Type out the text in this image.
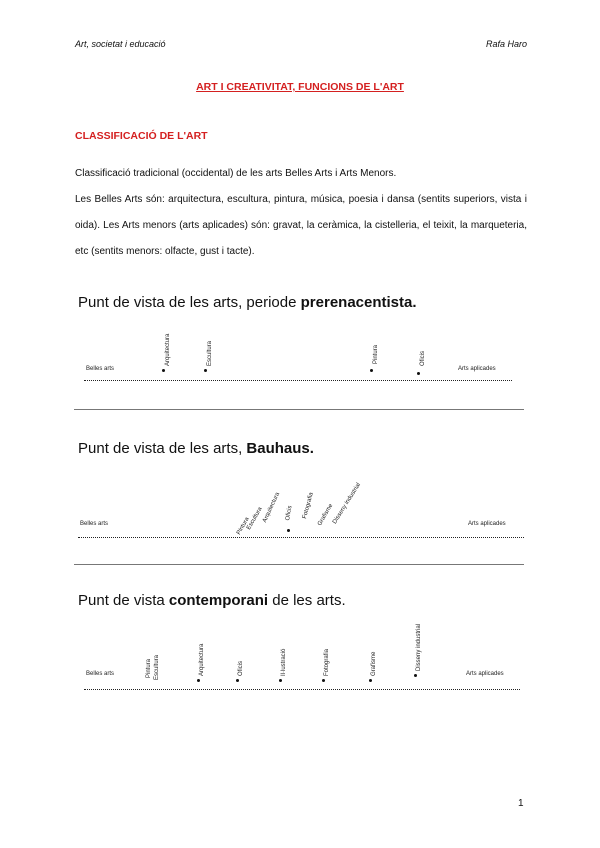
Art, societat i educació	Rafa Haro
ART I CREATIVITAT, FUNCIONS DE L'ART
CLASSIFICACIÓ DE L'ART

Classificació tradicional (occidental) de les arts Belles Arts i Arts Menors.

Les Belles Arts són: arquitectura, escultura, pintura, música, poesia i dansa (sentits superiors, vista i oida). Les Arts menors (arts aplicades) són: gravat, la ceràmica, la cistelleria, el teixit, la marqueteria, etc (sentits menors: olfacte, gust i tacte).

Punt de vista de les arts, periode prerenacentista.
Belles arts	Arts aplicades
Arquitectura	Escultura	Pintura	Oficis
Punt de vista de les arts, Bauhaus.
Belles arts	Arts aplicades
Pintura
Escultura
Arquitectura Oficis Fotografia Grafisme
Disseny industrial
Punt de vista contemporani de les arts.
Belles arts	Arts aplicades
Pintura Escultura	Arquitectura	Oficis	Il·lustració	Fotografia	Grafisme	Disseny industrial
1
